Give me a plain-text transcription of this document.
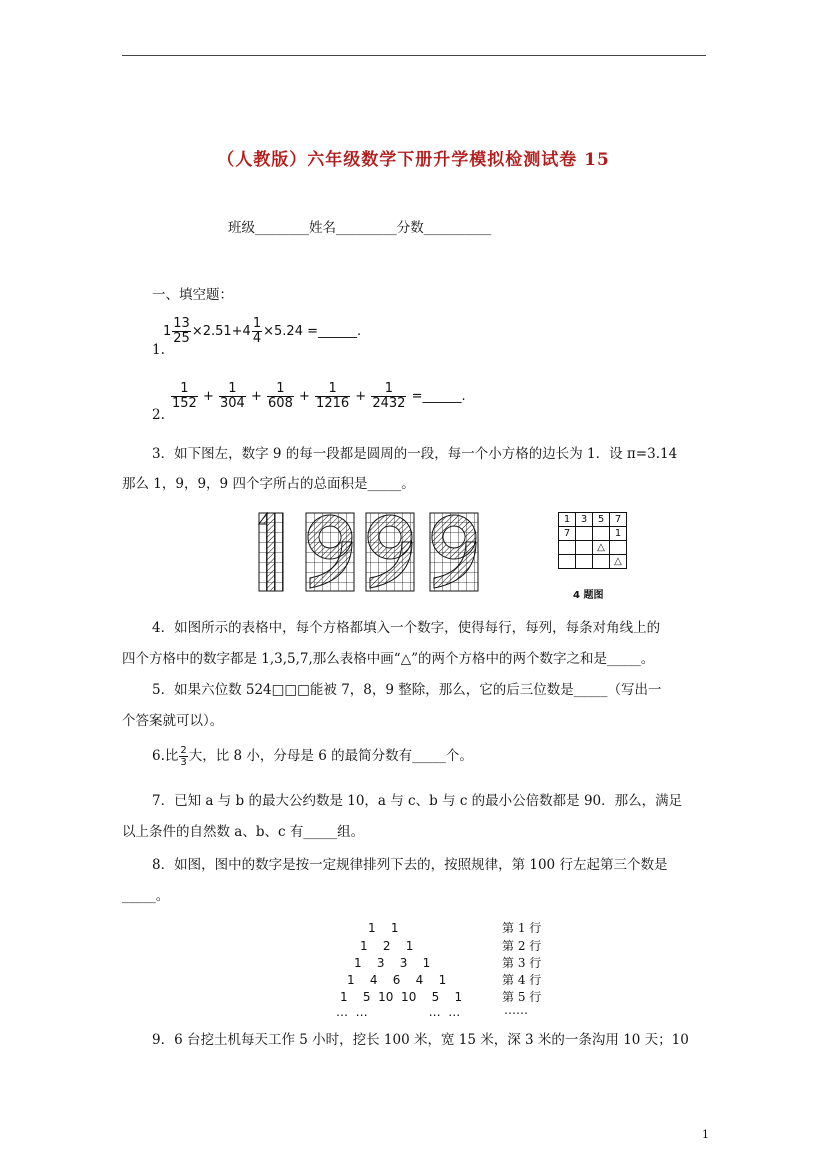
（人教版）六年级数学下册升学模拟检测试卷 15
班级________姓名_________分数__________
一、填空题：
$1 \frac{13}{25} \times 2.51+4 \frac{1}{4} \times 5.24$ =______.
1.
$\frac{1}{152} + \frac{1}{304} + \frac{1}{608} + \frac{1}{1216} + \frac{1}{2432}$ =______.
2.
3．如下图左，数字 9 的每一段都是圆周的一段，每一个小方格的边长为 1．设 π=3.14
那么 1，9，9，9 四个字所占的总面积是_____。
1	3	5	7
7			1
		△	
			△
4 题图
4．如图所示的表格中，每个方格都填入一个数字，使得每行，每列，每条对角线上的
四个方格中的数字都是 1,3,5,7,那么表格中画“△”的两个方格中的两个数字之和是_____。
5．如果六位数 524□□□能被 7，8，9 整除，那么，它的后三位数是_____（写出一
个答案就可以）。
6.比 $\frac{2}{3}$ 大，比 8 小，分母是 6 的最简分数有_____个。
7．已知 a 与 b 的最大公约数是 10，a 与 c、b 与 c 的最小公倍数都是 90．那么，满足
以上条件的自然数 a、b、c 有_____组。
8．如图，图中的数字是按一定规律排列下去的，按照规律，第 100 行左起第三个数是
_____。
1    1
1    2    1
1    3    3    1
1    4    6    4    1
1    5  10  10    5    1
…  …                …  …
第 1 行
第 2 行
第 3 行
第 4 行
第 5 行
……
9．6 台挖土机每天工作 5 小时，挖长 100 米，宽 15 米，深 3 米的一条沟用 10 天；10
1
